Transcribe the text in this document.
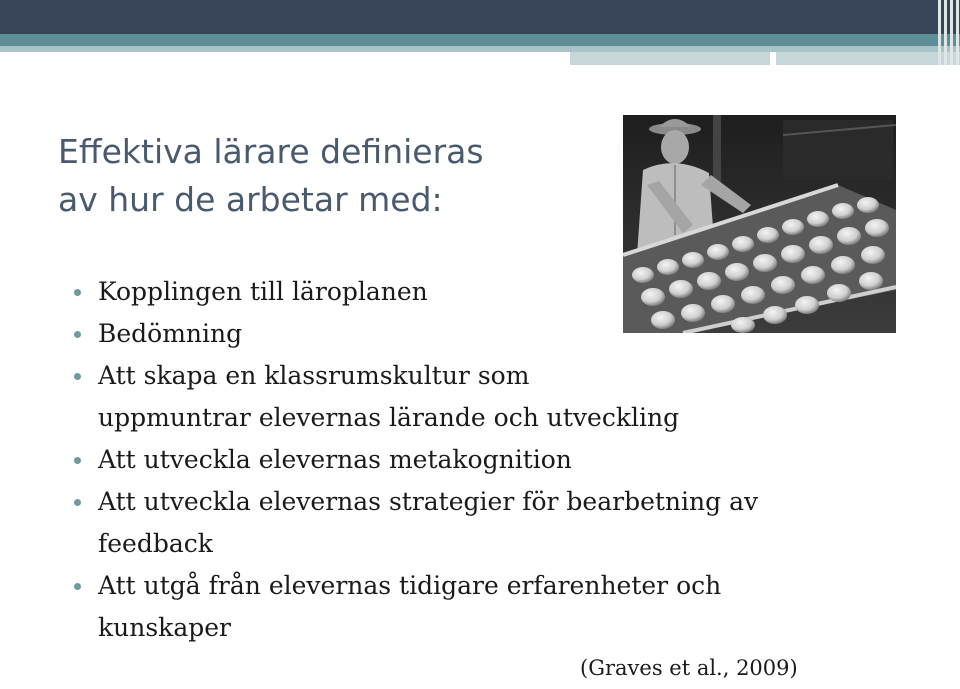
Effektiva lärare definieras
av hur de arbetar med:
Kopplingen till läroplanen
Bedömning
Att skapa en klassrumskultur som
uppmuntrar elevernas lärande och utveckling
Att utveckla elevernas metakognition
Att utveckla elevernas strategier för bearbetning av
feedback
Att utgå från elevernas tidigare erfarenheter och
kunskaper
(Graves et al., 2009)
